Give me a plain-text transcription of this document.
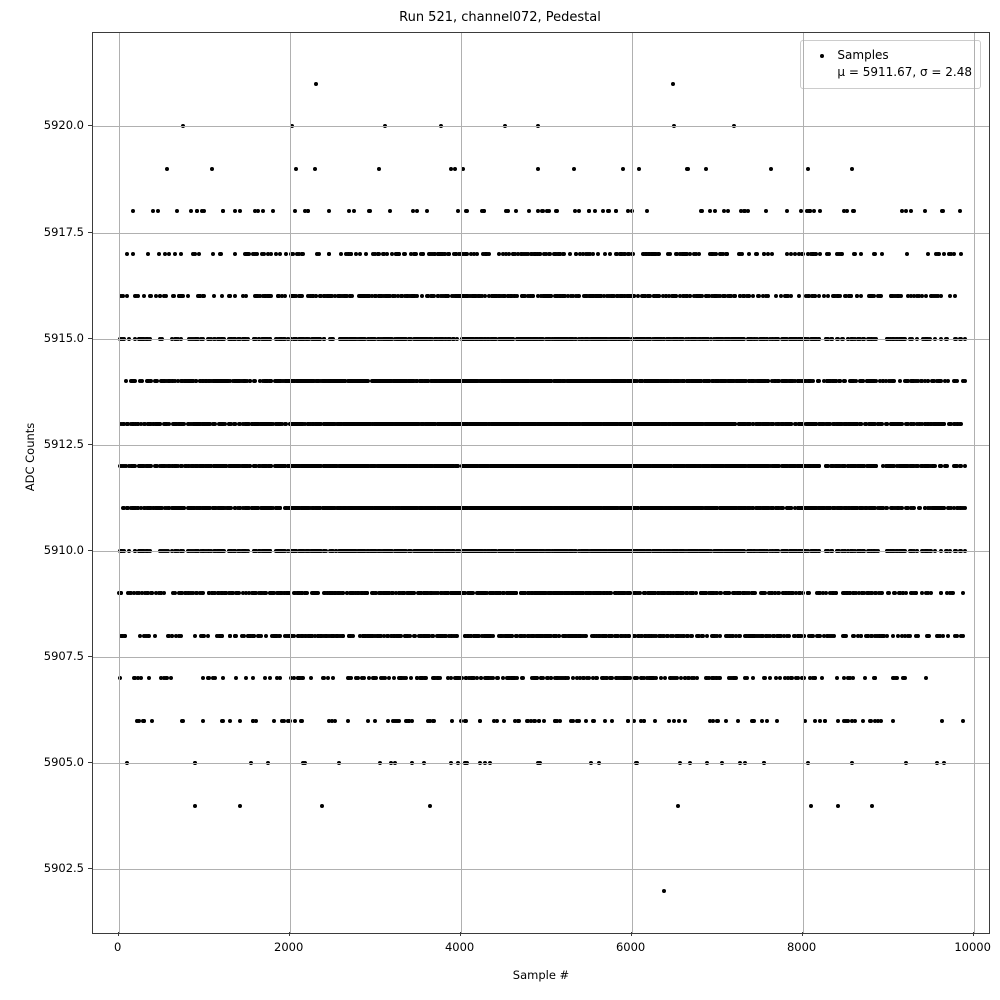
Run 521, channel072, Pedestal
Samples
μ = 5911.67, σ = 2.48
Sample #
ADC Counts
0	2000	4000	6000	8000	10000
5902.5
5905.0
5907.5
5910.0
5912.5
5915.0
5917.5
5920.0
